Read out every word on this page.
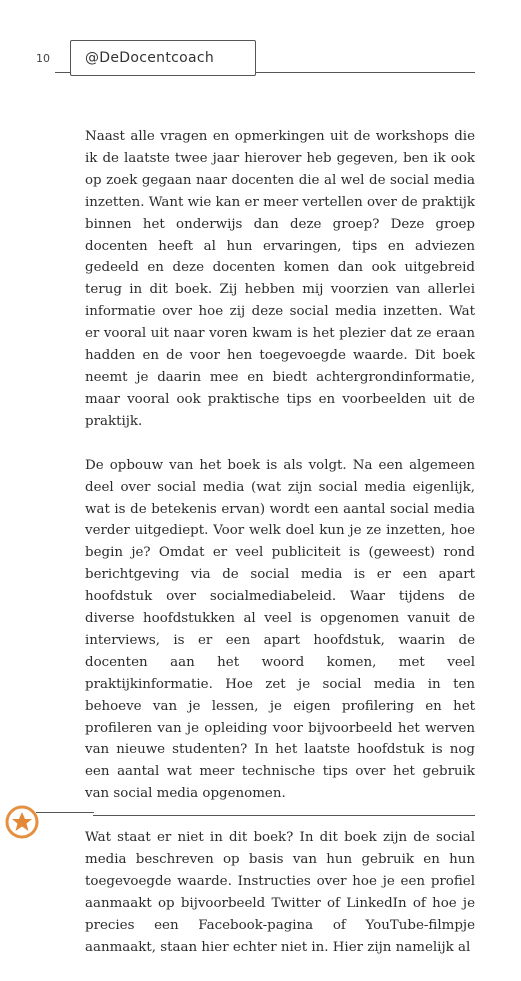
10	@DeDocentcoach

Naast alle vragen en opmerkingen uit de workshops die ik de laatste twee jaar hierover heb gegeven, ben ik ook op zoek gegaan naar docenten die al wel de social media inzetten. Want wie kan er meer vertellen over de praktijk binnen het onderwijs dan deze groep? Deze groep docenten heeft al hun ervaringen, tips en adviezen gedeeld en deze docenten komen dan ook uitgebreid terug in dit boek. Zij hebben mij voorzien van allerlei informatie over hoe zij deze social media inzetten. Wat er vooral uit naar voren kwam is het plezier dat ze eraan hadden en de voor hen toegevoegde waarde. Dit boek neemt je daarin mee en biedt achtergrondinformatie, maar vooral ook praktische tips en voorbeelden uit de praktijk.

De opbouw van het boek is als volgt. Na een algemeen deel over social media (wat zijn social media eigenlijk, wat is de betekenis ervan) wordt een aantal social media verder uitgediept. Voor welk doel kun je ze inzetten, hoe begin je? Omdat er veel publiciteit is (geweest) rond berichtgeving via de social media is er een apart hoofdstuk over socialmediabeleid. Waar tijdens de diverse hoofdstukken al veel is opgenomen vanuit de interviews, is er een apart hoofdstuk, waarin de docenten aan het woord komen, met veel praktijkinformatie. Hoe zet je social media in ten behoeve van je lessen, je eigen profilering en het profileren van je opleiding voor bijvoorbeeld het werven van nieuwe studenten? In het laatste hoofdstuk is nog een aantal wat meer technische tips over het gebruik van social media opgenomen.

Wat staat er niet in dit boek? In dit boek zijn de social media beschreven op basis van hun gebruik en hun toegevoegde waarde. Instructies over hoe je een profiel aanmaakt op bijvoorbeeld Twitter of LinkedIn of hoe je precies een Facebook-pagina of YouTube-filmpje aanmaakt, staan hier echter niet in. Hier zijn namelijk al
